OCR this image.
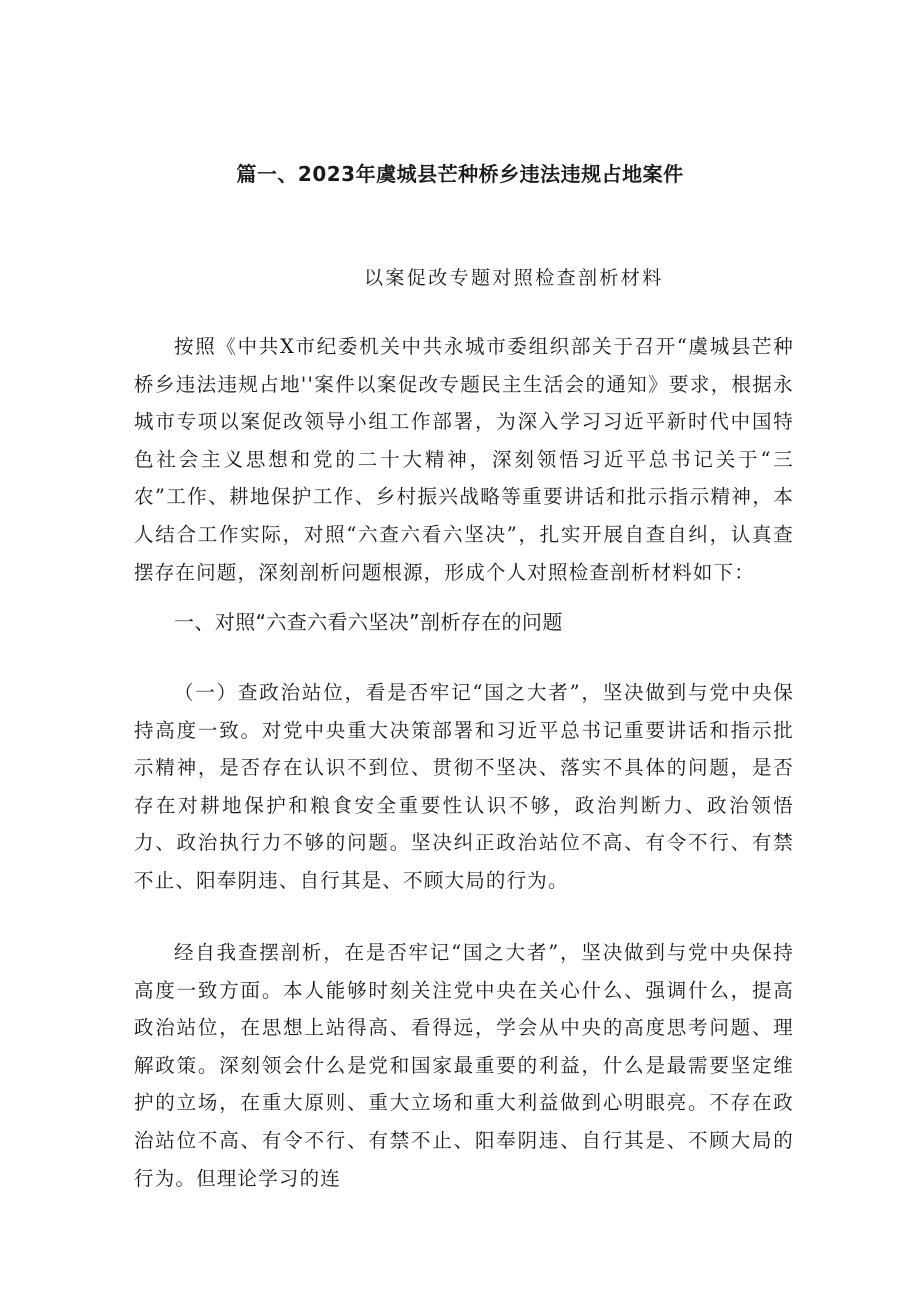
篇一、2023年虞城县芒种桥乡违法违规占地案件

以案促改专题对照检查剖析材料

按照《中共X市纪委机关中共永城市委组织部关于召开“虞城县芒种桥乡违法违规占地''案件以案促改专题民主生活会的通知》要求，根据永城市专项以案促改领导小组工作部署，为深入学习习近平新时代中国特色社会主义思想和党的二十大精神，深刻领悟习近平总书记关于“三农”工作、耕地保护工作、乡村振兴战略等重要讲话和批示指示精神，本人结合工作实际，对照“六查六看六坚决”，扎实开展自查自纠，认真查摆存在问题，深刻剖析问题根源，形成个人对照检查剖析材料如下：

一、对照“六查六看六坚决”剖析存在的问题

（一）查政治站位，看是否牢记“国之大者”，坚决做到与党中央保持高度一致。对党中央重大决策部署和习近平总书记重要讲话和指示批示精神，是否存在认识不到位、贯彻不坚决、落实不具体的问题，是否存在对耕地保护和粮食安全重要性认识不够，政治判断力、政治领悟力、政治执行力不够的问题。坚决纠正政治站位不高、有令不行、有禁不止、阳奉阴违、自行其是、不顾大局的行为。

经自我查摆剖析，在是否牢记“国之大者”，坚决做到与党中央保持高度一致方面。本人能够时刻关注党中央在关心什么、强调什么，提高政治站位，在思想上站得高、看得远，学会从中央的高度思考问题、理解政策。深刻领会什么是党和国家最重要的利益，什么是最需要坚定维护的立场，在重大原则、重大立场和重大利益做到心明眼亮。不存在政治站位不高、有令不行、有禁不止、阳奉阴违、自行其是、不顾大局的行为。但理论学习的连
